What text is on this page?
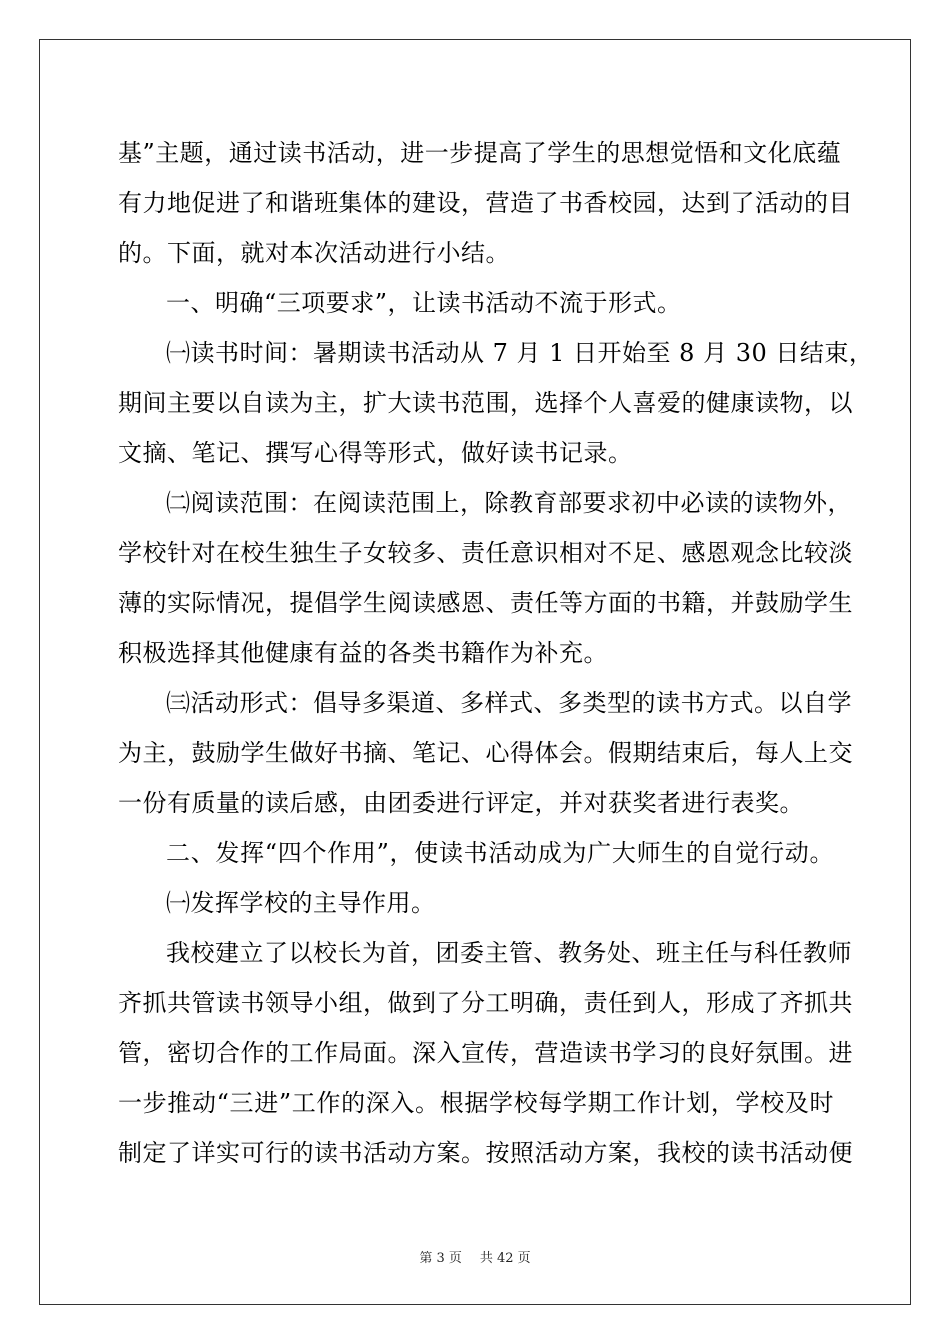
基”主题，通过读书活动，进一步提高了学生的思想觉悟和文化底蕴
有力地促进了和谐班集体的建设，营造了书香校园，达到了活动的目
的。下面，就对本次活动进行小结。
一、明确“三项要求”，让读书活动不流于形式。
㈠读书时间：暑期读书活动从 7 月 1 日开始至 8 月 30 日结束，
期间主要以自读为主，扩大读书范围，选择个人喜爱的健康读物，以
文摘、笔记、撰写心得等形式，做好读书记录。
㈡阅读范围：在阅读范围上，除教育部要求初中必读的读物外，
学校针对在校生独生子女较多、责任意识相对不足、感恩观念比较淡
薄的实际情况，提倡学生阅读感恩、责任等方面的书籍，并鼓励学生
积极选择其他健康有益的各类书籍作为补充。
㈢活动形式：倡导多渠道、多样式、多类型的读书方式。以自学
为主，鼓励学生做好书摘、笔记、心得体会。假期结束后，每人上交
一份有质量的读后感，由团委进行评定，并对获奖者进行表奖。
二、发挥“四个作用”，使读书活动成为广大师生的自觉行动。
㈠发挥学校的主导作用。
我校建立了以校长为首，团委主管、教务处、班主任与科任教师
齐抓共管读书领导小组，做到了分工明确，责任到人，形成了齐抓共
管，密切合作的工作局面。深入宣传，营造读书学习的良好氛围。进
一步推动“三进”工作的深入。根据学校每学期工作计划，学校及时
制定了详实可行的读书活动方案。按照活动方案，我校的读书活动便
第 3 页 共 42 页
